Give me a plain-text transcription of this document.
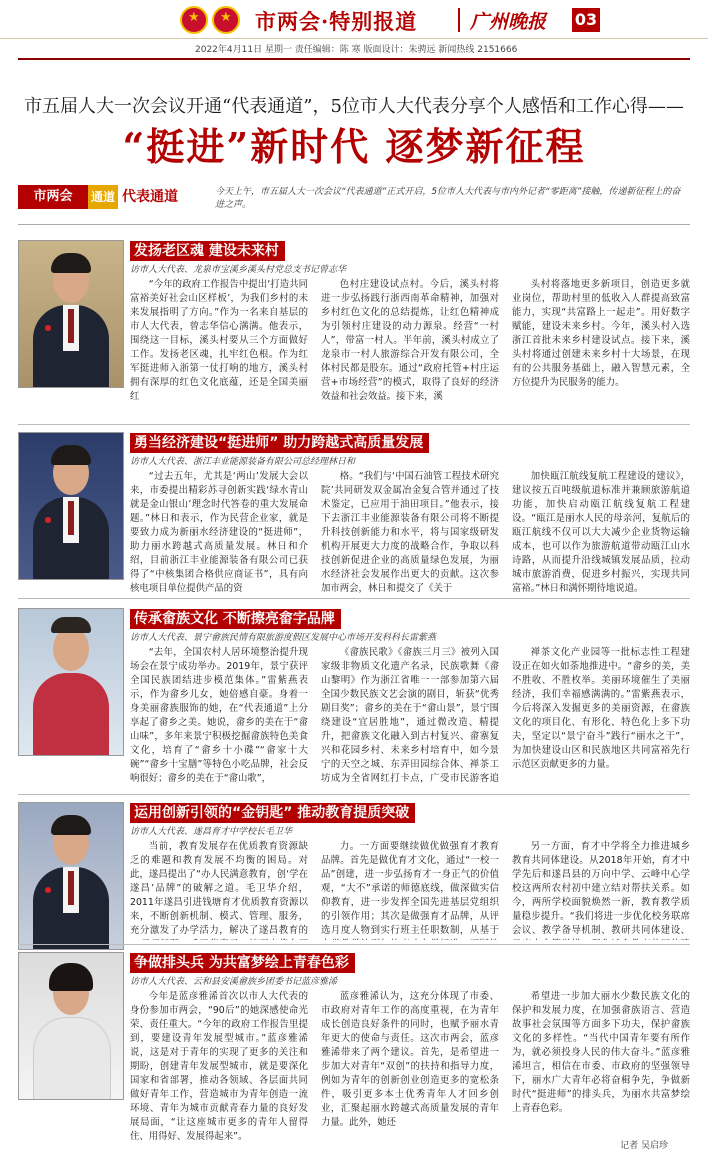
★
★
市两会·特别报道	广州晚报 03
2022年4月11日 星期一 责任编辑：陈 寒 版面设计：朱骋远 新闻热线 2151666
市五届人大一次会议开通“代表通道”，5位市人大代表分享个人感悟和工作心得——
“挺进”新时代 逐梦新征程
市两会	通道 代表通道	今天上午，市五届人大一次会议“代表通道”正式开启，5位市人大代表与市内外记者“零距离”接触，传递新征程上的奋进之声。
发扬老区魂 建设未来村
访市人大代表、龙泉市宝溪乡溪头村党总支书记曾志华

“今年的政府工作报告中提出‘打造共同富裕美好社会山区样板’，为我们乡村的未来发展指明了方向。”作为一名来自基层的市人大代表，曾志华信心满满。他表示，围绕这一目标，溪头村要从三个方面做好工作。发扬老区魂，扎牢红色根。作为红军挺进师入浙第一仗打响的地方，溪头村拥有深厚的红色文化底蕴，还是全国美丽红

色村庄建设试点村。今后，溪头村将进一步弘扬践行浙西南革命精神，加强对乡村红色文化的总结提炼，让红色精神成为引领村庄建设的动力源泉。经营“一村人”，带富一村人。半年前，溪头村成立了龙泉市一村人旅游综合开发有限公司，全体村民都是股东。通过“政府托管+村庄运营+市场经营”的模式，取得了良好的经济效益和社会效益。接下来，溪

头村将落地更多新项目，创造更多就业岗位，帮助村里的低收入人群提高致富能力，实现“共富路上一起走”。用好数字赋能，建设未来乡村。今年，溪头村入选浙江首批未来乡村建设试点。接下来，溪头村将通过创建未来乡村十大场景，在现有的公共服务基础上，融入智慧元素，全方位提升为民服务的能力。

勇当经济建设“挺进师” 助力跨越式高质量发展
访市人大代表、浙江丰业能源装备有限公司总经理林日和

“过去五年，尤其是‘两山’发展大会以来，市委提出精彩苏寻创新实践‘绿水青山就是金山银山’理念时代答卷的重大发展命题。”林日和表示，作为民营企业家，就是要致力成为新丽水经济建设的“挺进师”，助力丽水跨越式高质量发展。林日和介绍，目前浙江丰业能源装备有限公司已获得了“中核集团合格供应商证书”，具有向核电项目单位提供产品的资

格。“我们与‘中国石油管工程技术研究院’共同研发双金属冶金复合管并通过了技术鉴定，已应用于油田项目。”他表示，接下去浙江丰业能源装备有限公司将不断提升科技创新能力和水平，将与国家级研发机构开展更大力度的战略合作，争取以科技创新促进企业的高质量绿色发展，为丽水经济社会发展作出更大的贡献。这次参加市两会，林日和提交了《关于

加快瓯江航线复航工程建设的建议》，建议按五百吨级航道标准并兼顾旅游航道功能，加快启动瓯江航线复航工程建设。“瓯江是丽水人民的母亲河，复航后的瓯江航线不仅可以大大减少企业货物运输成本，也可以作为旅游航道带动瓯江山水诗路，从而提升沿线城镇发展品质，拉动城市旅游消费，促进乡村振兴，实现共同富裕。”林日和满怀期待地说道。

传承畲族文化 不断擦亮畲字品牌
访市人大代表、景宁畲族民情有限旅游度假区发展中心市场开发科科长雷紫燕

“去年，全国农村人居环境整治提升现场会在景宁成功举办。2019年，景宁获评全国民族团结进步模范集体。”雷紫燕表示，作为畲乡儿女，她倍感自豪。身着一身美丽畲族服饰的她，在“代表通道”上分享起了畲乡之美。她说，畲乡的美在于“畲山味”，多年来景宁积极挖掘畲族特色美食文化，培育了“畲乡十小碟”“畲家十大碗”“畲乡十宝膳”等特色小吃品牌，社会反响很好；畲乡的美在于“畲山歌”，

《畲族民歌》《畲族三月三》被列入国家级非物质文化遗产名录，民族歌舞《畲山黎明》作为浙江省唯一一部参加第六届全国少数民族文艺会演的剧目，斩获“优秀剧目奖”；畲乡的美在于“畲山景”，景宁围绕建设“宜居胜地”，通过微改造、精提升，把畲族文化融入到古村复兴、畲寨复兴和花园乡村、未来乡村培育中，如今景宁的天空之城、东弄田园综合体、禅茶工坊成为全省网红打卡点，广受市民游客追

禅茶文化产业园等一批标志性工程建设正在如火如荼地推进中。“畲乡的美，美不胜收、不胜枚举。美丽环境催生了美丽经济，我们幸福感满满的。”雷紫燕表示，今后将深入发掘更多的美丽资源，在畲族文化的项目化、有形化、特色化上多下功夫，坚定以“景宁奋斗”践行“丽水之干”，为加快建设山区和民族地区共同富裕先行示范区贡献更多的力量。

运用创新引领的“金钥匙” 推动教育提质突破
访市人大代表、遂昌育才中学校长毛卫华

当前，教育发展存在优质教育资源缺乏的难题和教育发展不均衡的困局。对此，遂昌提出了“办人民满意教育，创‘学在遂昌’品牌”的破解之道。毛卫华介绍，2011年遂昌引进钱塘育才优质教育资源以来，不断创新机制、模式、管理、服务，充分激发了办学活力，解决了遂昌教育的

力。一方面要继续做优做强育才教育品牌。首先是做优育才文化，通过“一校一品”创建，进一步弘扬育才一身正气的价值观，“大不”承诺的师德底线，做深做实信仰教育，进一步发挥全国先进基层党组织的引领作用；其次是做强育才品牌，从评选月度人物到实行班主任职数制，从基于

另一方面，育才中学将全力推进城乡教育共同体建设。从2018年开始，育才中学先后和遂昌县的万向中学、云峰中心学校这两所农村初中建立结对帮扶关系。如今，两所学校面貌焕然一新，教育教学质量稳步提升。“我们将进一步优化校务联席会议、教学备导机制、教研共同体建设、

争做排头兵 为共富梦绘上青春色彩
访市人大代表、云和县安溪畲族乡团委书记蓝彦雅浠

今年是蓝彦雅浠首次以市人大代表的身份参加市两会，“90后”的她深感使命光荣、责任重大。“今年的政府工作报告里提到，要建设青年发展型城市。”蓝彦雅浠说，这是对于青年的实现了更多的关注和期盼，创建青年发展型城市，就是要深化国家和省部署，推动各领域、各层面共同做好青年工作，营造城市为青年创造一流环境、青年为城市贡献青春力量的良好发展局面，“让这座城市更多的青年人留得住、用得好、发展得起来”。

蓝彦雅浠认为，这充分体现了市委、市政府对青年工作的高度重视，在为青年成长创造良好条件的同时，也赋予丽水青年更大的使命与责任。这次市两会，蓝彦雅浠带来了两个建议。首先，是希望进一步加大对青年“双创”的扶持和指导力度，例如为青年的创新创业创造更多的宽松条件，吸引更多本土优秀青年人才回乡创业，汇聚起丽水跨越式高质量发展的青年力量。此外，她还

希望进一步加大丽水少数民族文化的保护和发展力度，在加强畲族语言、营造故事社会氛围等方面多下功夫，保护畲族文化的多样性。“当代中国青年要有所作为，就必须投身人民的伟大奋斗。”蓝彦雅浠坦言，相信在市委、市政府的坚强领导下，丽水广大青年必将奋楫争先，争做新时代“挺进师”的排头兵，为丽水共富梦绘上青春色彩。

记者 吴启珍
